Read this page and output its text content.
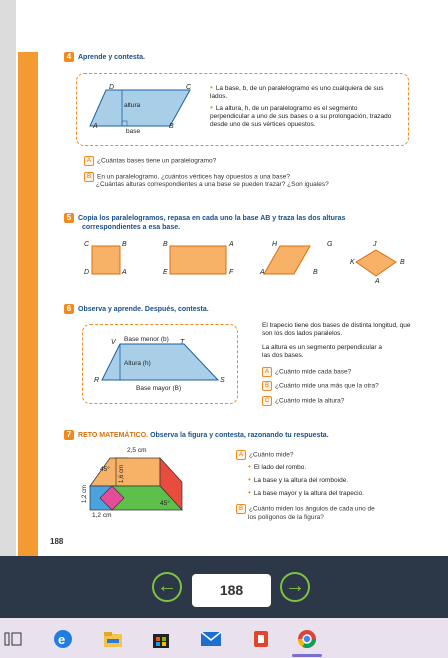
4 Aprende y contesta.
D	C
A	B
altura
base
• La base, b, de un paralelogramo es uno cualquiera de sus lados.
• La altura, h, de un paralelogramo es el segmento perpendicular a uno de sus bases o a su prolongación, trazado desde uno de sus vértices opuestos.
A ¿Cuántas bases tiene un paralelogramo?
B En un paralelogramo, ¿cuántos vértices hay opuestos a una base?
¿Cuántas alturas correspondientes a una base se pueden trazar? ¿Son iguales?
5 Copia los paralelogramos, repasa en cada uno la base AB y traza las dos alturas
correspondientes a esa base.
C	B
D	A
B	A
E	F
H	G
A	B
J
K	B
A
6 Observa y aprende. Después, contesta.
Base menor (b)
Altura (h)
Base mayor (B)
V	T
R	S
El trapecio tiene dos bases de distinta longitud, que son los dos lados paralelos.
La altura es un segmento perpendicular a las dos bases.
A ¿Cuánto mide cada base?
B ¿Cuánto mide una más que la otra?
C ¿Cuánto mide la altura?
7 RETO MATEMÁTICO. Observa la figura y contesta, razonando tu respuesta.
2,5 cm
45° 1,6 cm
1,2 cm
45°
1,2 cm
A ¿Cuánto mide?
• El lado del rombo.
• La base y la altura del romboide.
• La base mayor y la altura del trapecio.
B ¿Cuánto miden los ángulos de cada uno de
los polígonos de la figura?
188
←	188	→
e
